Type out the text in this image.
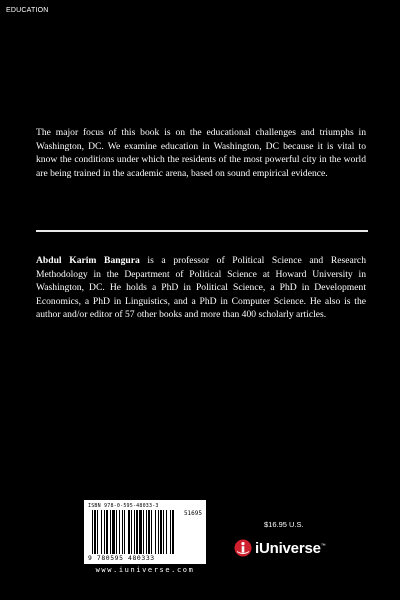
EDUCATION

The major focus of this book is on the educational challenges and triumphs in Washington, DC. We examine education in Washington, DC because it is vital to know the conditions under which the residents of the most powerful city in the world are being trained in the academic arena, based on sound empirical evidence.

Abdul Karim Bangura is a professor of Political Science and Research Methodology in the Department of Political Science at Howard University in Washington, DC. He holds a PhD in Political Science, a PhD in Development Economics, a PhD in Linguistics, and a PhD in Computer Science. He also is the author and/or editor of 57 other books and more than 400 scholarly articles.

ISBN 978-0-595-48033-3
51695
9 780595 480333
www.iuniverse.com
$16.95 U.S.
iUniverse™
